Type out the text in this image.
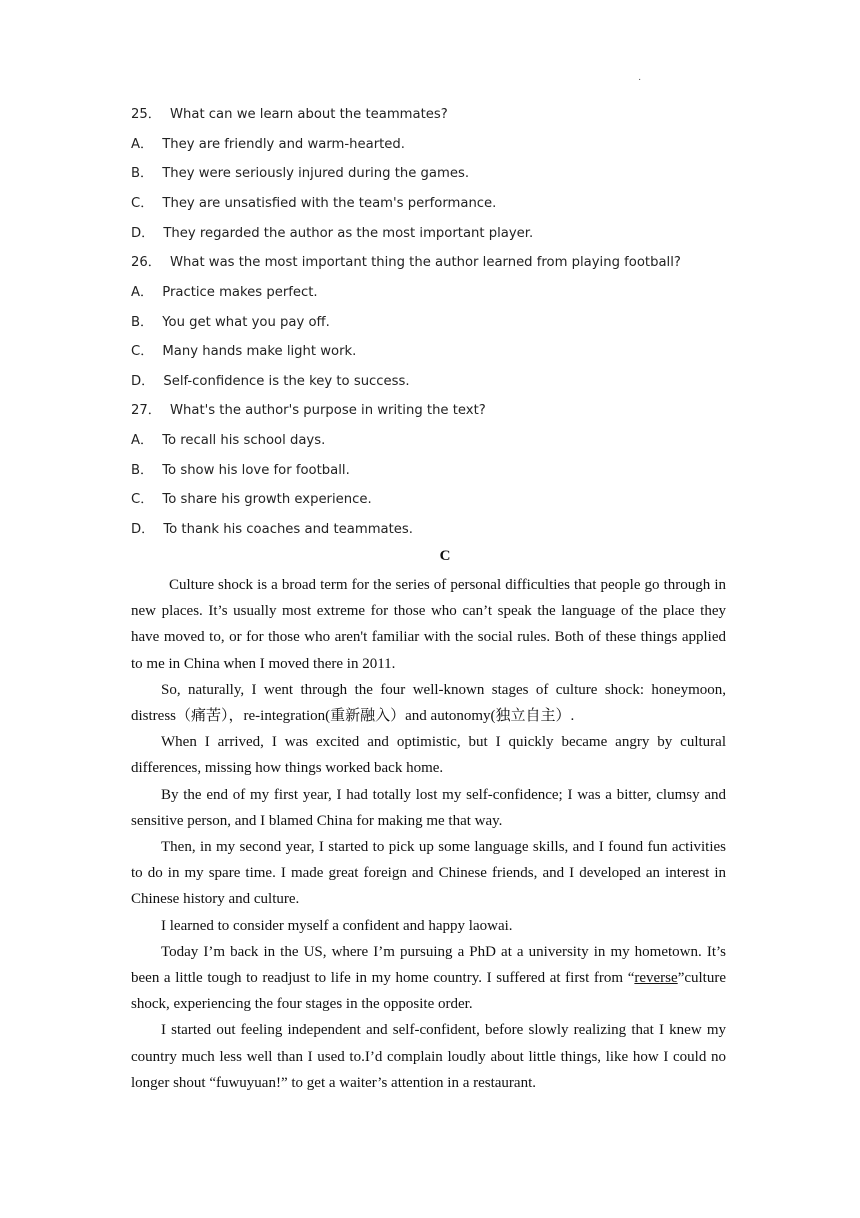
·
25． What can we learn about the teammates?
A． They are friendly and warm-hearted.
B． They were seriously injured during the games.
C． They are unsatisfied with the team's performance.
D． They regarded the author as the most important player.
26． What was the most important thing the author learned from playing football?
A． Practice makes perfect.
B． You get what you pay off.
C． Many hands make light work.
D． Self-confidence is the key to success.
27． What's the author's purpose in writing the text?
A． To recall his school days.
B． To show his love for football.
C． To share his growth experience.
D． To thank his coaches and teammates.
C

Culture shock is a broad term for the series of personal difficulties that people go through in new places. It’s usually most extreme for those who can’t speak the language of the place they have moved to, or for those who aren't familiar with the social rules. Both of these things applied to me in China when I moved there in 2011.

So, naturally, I went through the four well-known stages of culture shock: honeymoon, distress（痛苦），re-integration(重新融入）and autonomy(独立自主）.

When I arrived, I was excited and optimistic, but I quickly became angry by cultural differences, missing how things worked back home.

By the end of my first year, I had totally lost my self-confidence; I was a bitter, clumsy and sensitive person, and I blamed China for making me that way.

Then, in my second year, I started to pick up some language skills, and I found fun activities to do in my spare time. I made great foreign and Chinese friends, and I developed an interest in Chinese history and culture.

I learned to consider myself a confident and happy laowai.

Today I’m back in the US, where I’m pursuing a PhD at a university in my hometown. It’s been a little tough to readjust to life in my home country. I suffered at first from “reverse”culture shock, experiencing the four stages in the opposite order.

I started out feeling independent and self-confident, before slowly realizing that I knew my country much less well than I used to.I’d complain loudly about little things, like how I could no longer shout “fuwuyuan!” to get a waiter’s attention in a restaurant.
